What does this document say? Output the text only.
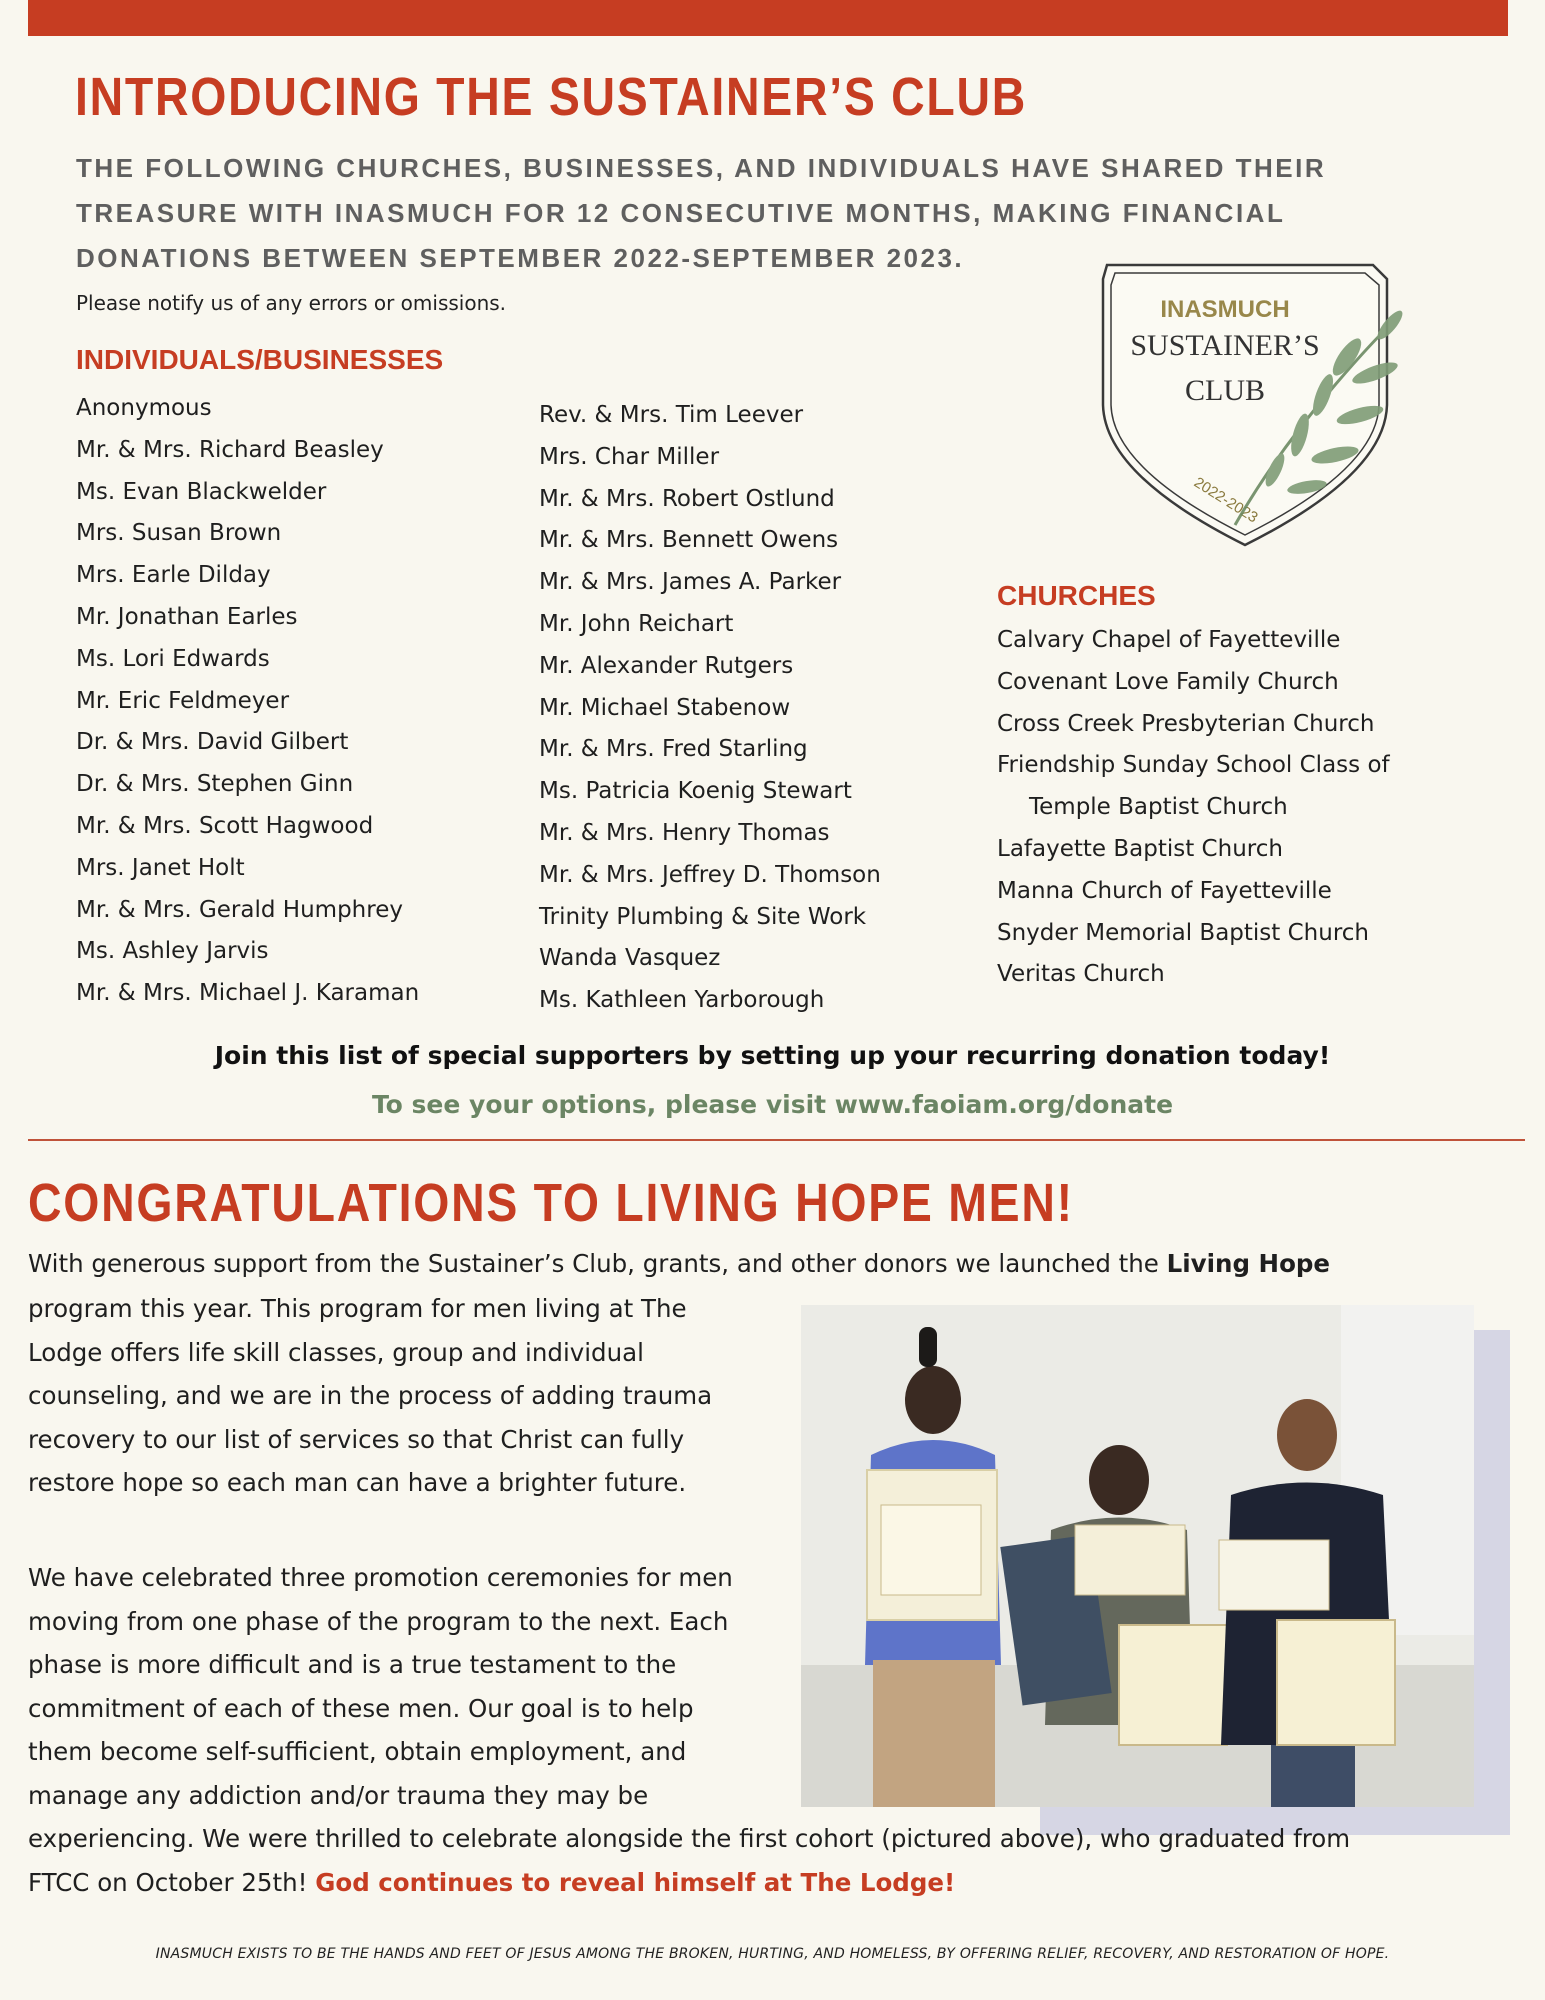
INTRODUCING THE SUSTAINER’S CLUB
THE FOLLOWING CHURCHES, BUSINESSES, AND INDIVIDUALS HAVE SHARED THEIR
TREASURE WITH INASMUCH FOR 12 CONSECUTIVE MONTHS, MAKING FINANCIAL
DONATIONS BETWEEN SEPTEMBER 2022-SEPTEMBER 2023.
Please notify us of any errors or omissions.	INASMUCH
SUSTAINER’S
CLUB
2022-2023
INDIVIDUALS/BUSINESSES
Anonymous
Mr. & Mrs. Richard Beasley
Ms. Evan Blackwelder
Mrs. Susan Brown
Mrs. Earle Dilday
Mr. Jonathan Earles
Ms. Lori Edwards
Mr. Eric Feldmeyer
Dr. & Mrs. David Gilbert
Dr. & Mrs. Stephen Ginn
Mr. & Mrs. Scott Hagwood
Mrs. Janet Holt
Mr. & Mrs. Gerald Humphrey
Ms. Ashley Jarvis
Mr. & Mrs. Michael J. Karaman
Rev. & Mrs. Tim Leever
Mrs. Char Miller
Mr. & Mrs. Robert Ostlund
Mr. & Mrs. Bennett Owens
Mr. & Mrs. James A. Parker
Mr. John Reichart
Mr. Alexander Rutgers
Mr. Michael Stabenow
Mr. & Mrs. Fred Starling
Ms. Patricia Koenig Stewart
Mr. & Mrs. Henry Thomas
Mr. & Mrs. Jeffrey D. Thomson
Trinity Plumbing & Site Work
Wanda Vasquez
Ms. Kathleen Yarborough
CHURCHES
Calvary Chapel of Fayetteville
Covenant Love Family Church
Cross Creek Presbyterian Church
Friendship Sunday School Class of
Temple Baptist Church
Lafayette Baptist Church
Manna Church of Fayetteville
Snyder Memorial Baptist Church
Veritas Church
Join this list of special supporters by setting up your recurring donation today!
To see your options, please visit www.faoiam.org/donate
CONGRATULATIONS TO LIVING HOPE MEN!

With generous support from the Sustainer’s Club, grants, and other donors we launched the Living Hope

program this year. This program for men living at The
Lodge offers life skill classes, group and individual
counseling, and we are in the process of adding trauma
recovery to our list of services so that Christ can fully
restore hope so each man can have a brighter future.

We have celebrated three promotion ceremonies for men
moving from one phase of the program to the next. Each
phase is more difficult and is a true testament to the
commitment of each of these men. Our goal is to help
them become self-sufficient, obtain employment, and
manage any addiction and/or trauma they may be
experiencing. We were thrilled to celebrate alongside the first cohort (pictured above), who graduated from
FTCC on October 25th! God continues to reveal himself at The Lodge!

INASMUCH EXISTS TO BE THE HANDS AND FEET OF JESUS AMONG THE BROKEN, HURTING, AND HOMELESS, BY OFFERING RELIEF, RECOVERY, AND RESTORATION OF HOPE.
